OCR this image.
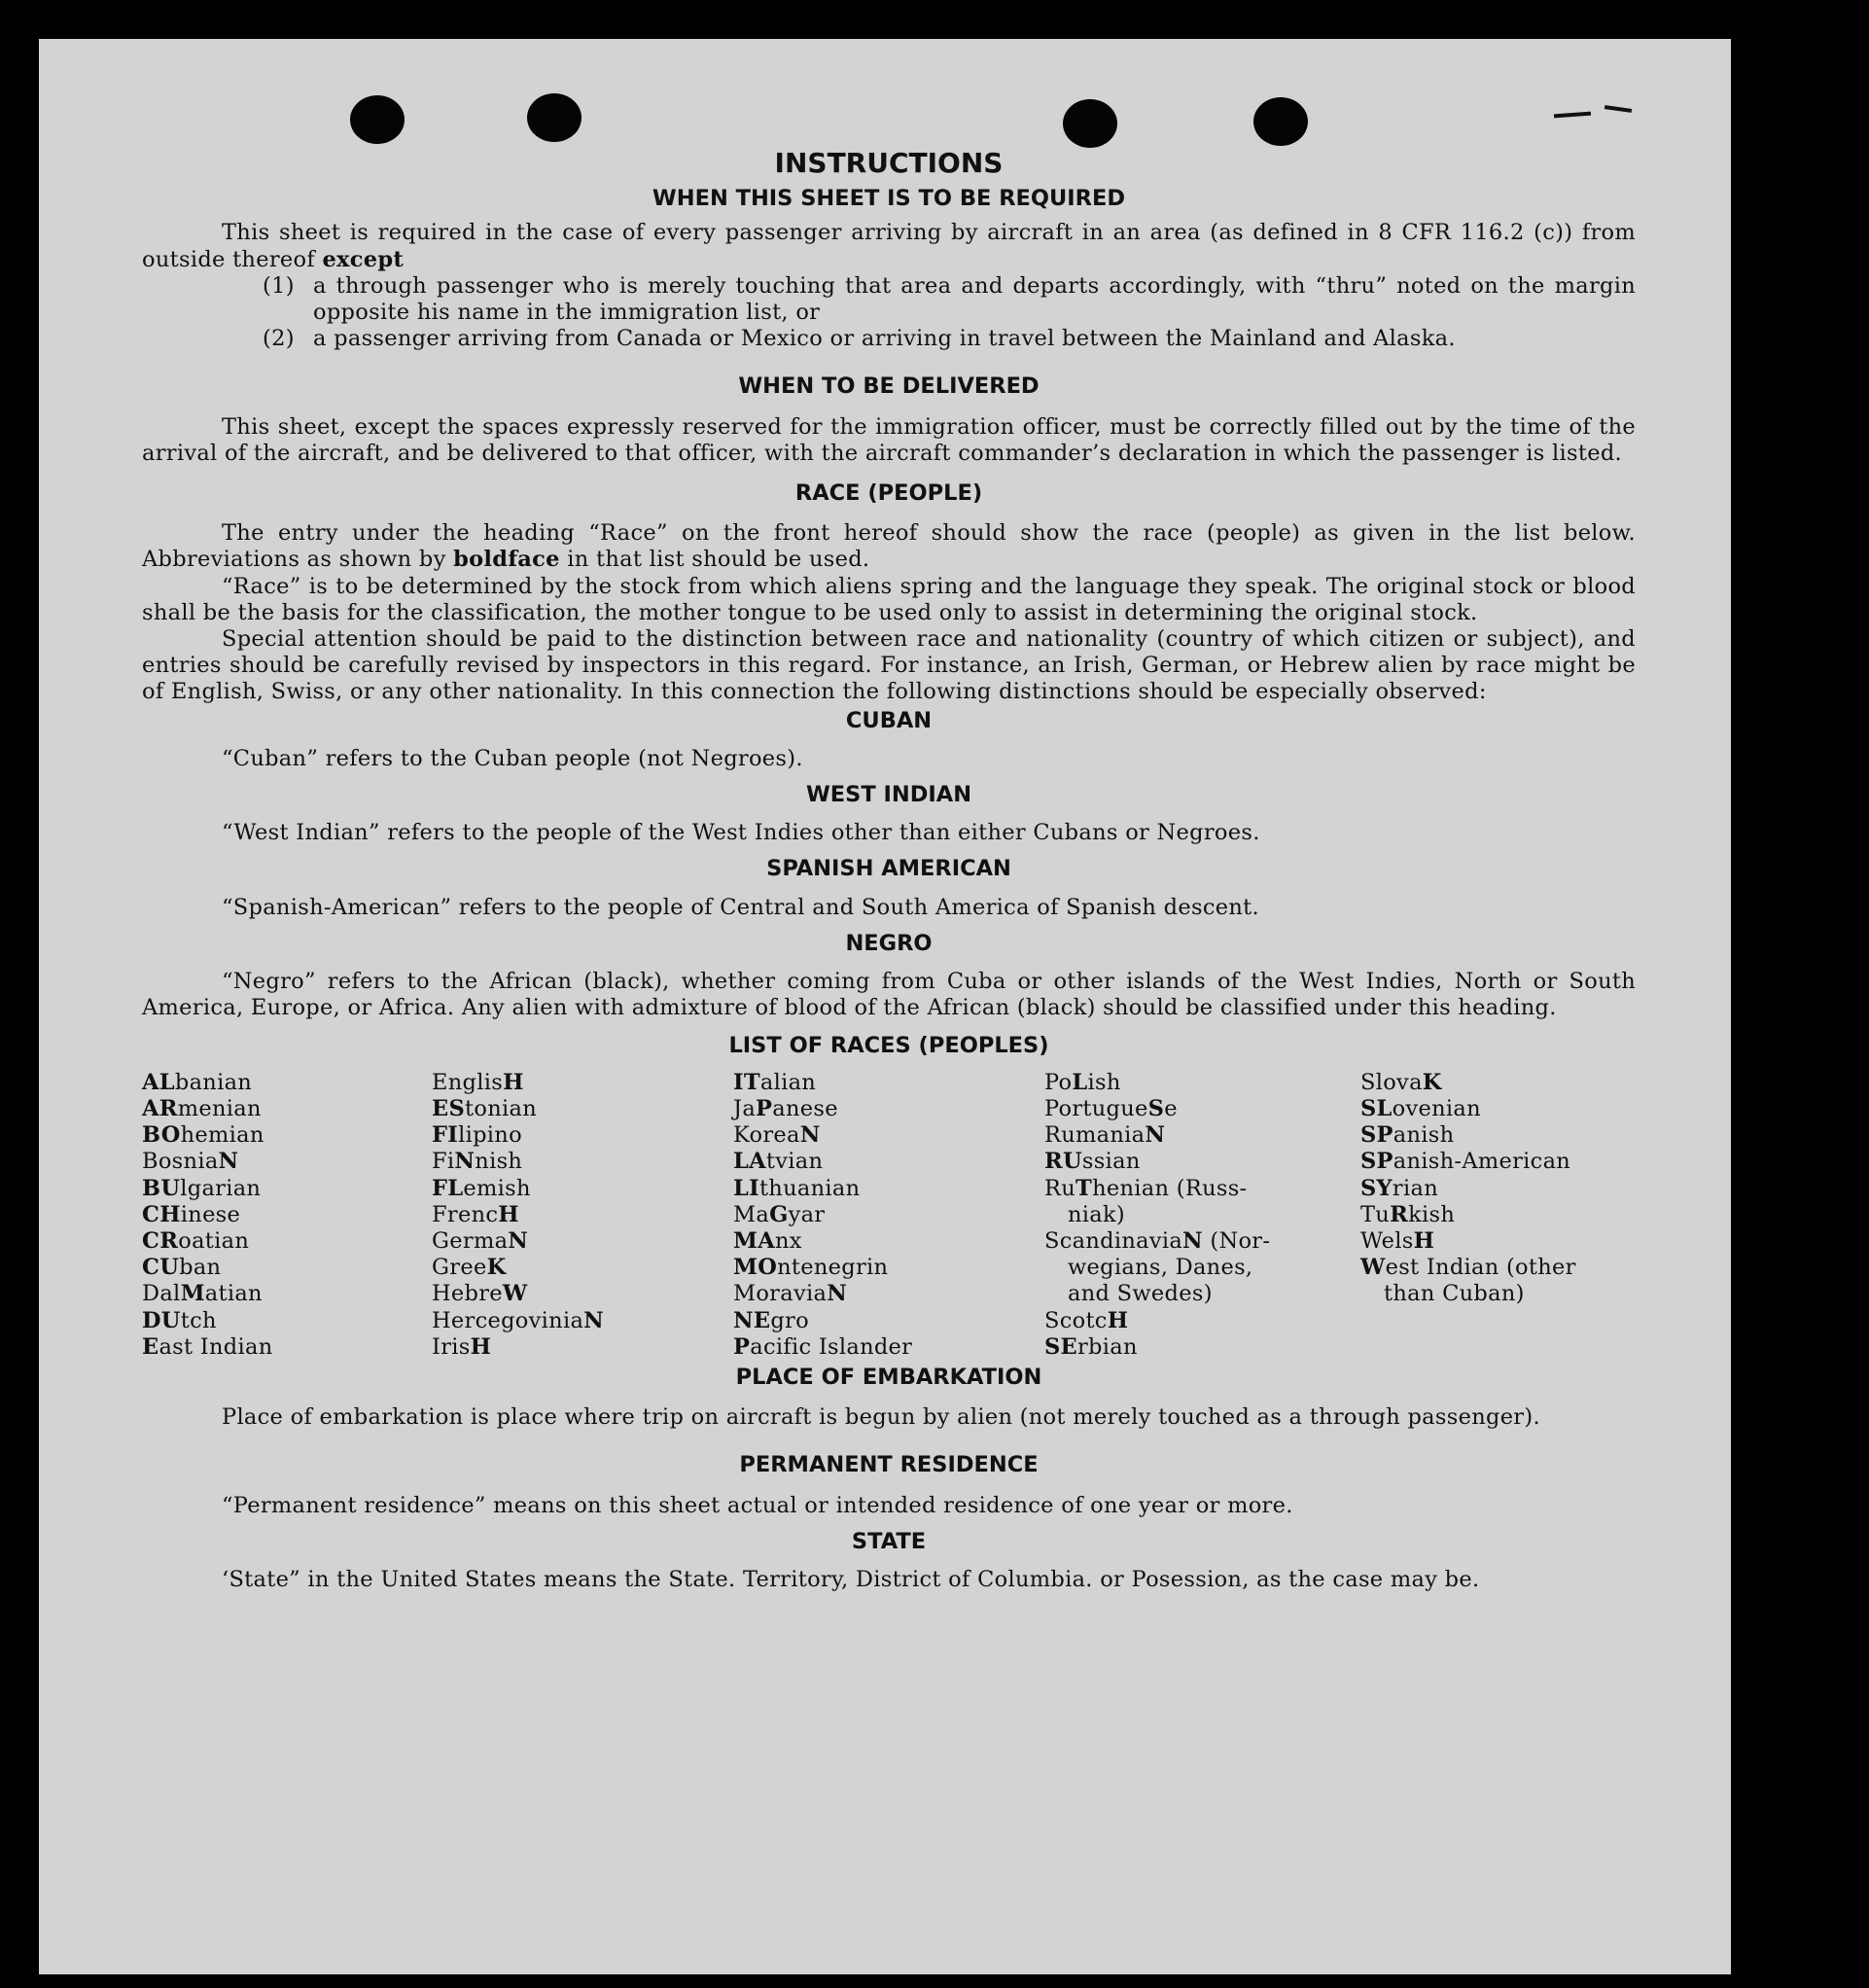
INSTRUCTIONS
WHEN THIS SHEET IS TO BE REQUIRED

This sheet is required in the case of every passenger arriving by aircraft in an area (as defined in 8 CFR 116.2 (c)) from outside thereof except

(1) a through passenger who is merely touching that area and departs accordingly, with “thru” noted on the margin opposite his name in the immigration list, or
(2) a passenger arriving from Canada or Mexico or arriving in travel between the Mainland and Alaska.
WHEN TO BE DELIVERED

This sheet, except the spaces expressly reserved for the immigration officer, must be correctly filled out by the time of the arrival of the aircraft, and be delivered to that officer, with the aircraft commander’s declaration in which the passenger is listed.

RACE (PEOPLE)

The entry under the heading “Race” on the front hereof should show the race (people) as given in the list below. Abbreviations as shown by boldface in that list should be used.

“Race” is to be determined by the stock from which aliens spring and the language they speak. The original stock or blood shall be the basis for the classification, the mother tongue to be used only to assist in determining the original stock.

Special attention should be paid to the distinction between race and nationality (country of which citizen or subject), and entries should be carefully revised by inspectors in this regard. For instance, an Irish, German, or Hebrew alien by race might be of English, Swiss, or any other nationality. In this connection the following distinctions should be especially observed:

CUBAN

“Cuban” refers to the Cuban people (not Negroes).

WEST INDIAN

“West Indian” refers to the people of the West Indies other than either Cubans or Negroes.

SPANISH AMERICAN

“Spanish-American” refers to the people of Central and South America of Spanish descent.

NEGRO

“Negro” refers to the African (black), whether coming from Cuba or other islands of the West Indies, North or South America, Europe, or Africa. Any alien with admixture of blood of the African (black) should be classified under this heading.

LIST OF RACES (PEOPLES)
ALbanian
ARmenian
BOhemian
BosniaN
BUlgarian
CHinese
CRoatian
CUban
DalMatian
DUtch
East Indian
EnglisH
EStonian
FIlipino
FiNnish
FLemish
FrencH
GermaN
GreeK
HebreW
HercegoviniaN
IrisH
ITalian
JaPanese
KoreaN
LAtvian
LIthuanian
MaGyar
MAnx
MOntenegrin
MoraviaN
NEgro
Pacific Islander
PoLish
PortugueSe
RumaniaN
RUssian
RuThenian (Russ-
niak)
ScandinaviaN (Nor-
wegians, Danes,
and Swedes)
ScotcH
SErbian
SlovaK
SLovenian
SPanish
SPanish-American
SYrian
TuRkish
WelsH
West Indian (other
than Cuban)
PLACE OF EMBARKATION

Place of embarkation is place where trip on aircraft is begun by alien (not merely touched as a through passenger).

PERMANENT RESIDENCE

“Permanent residence” means on this sheet actual or intended residence of one year or more.

STATE

‘State” in the United States means the State. Territory, District of Columbia. or Posession, as the case may be.
